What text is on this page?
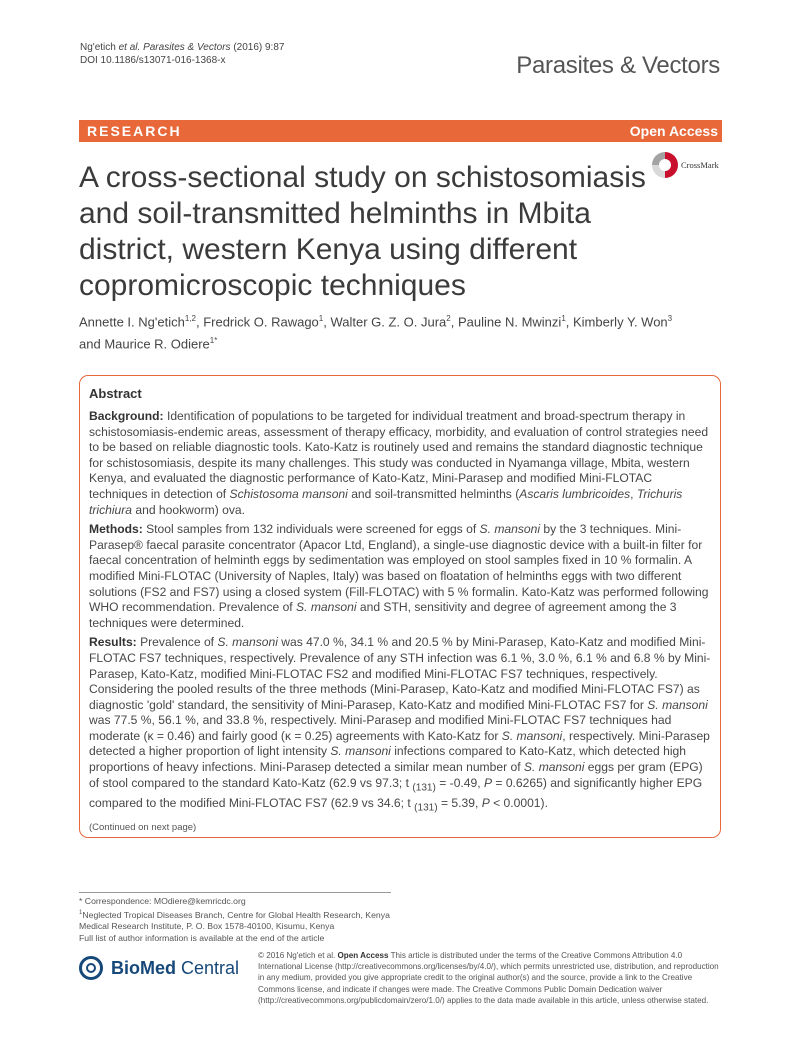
Ng'etich et al. Parasites & Vectors (2016) 9:87
DOI 10.1186/s13071-016-1368-x	Parasites & Vectors
RESEARCH	Open Access
CrossMark
A cross-sectional study on schistosomiasis and soil-transmitted helminths in Mbita district, western Kenya using different copromicroscopic techniques
Annette I. Ng'etich$^{1,2}$, Fredrick O. Rawago$^1$, Walter G. Z. O. Jura$^2$, Pauline N. Mwinzi$^1$, Kimberly Y. Won$^3$
and Maurice R. Odiere$^{1*}$
Abstract

Background: Identification of populations to be targeted for individual treatment and broad-spectrum therapy in schistosomiasis-endemic areas, assessment of therapy efficacy, morbidity, and evaluation of control strategies need to be based on reliable diagnostic tools. Kato-Katz is routinely used and remains the standard diagnostic technique for schistosomiasis, despite its many challenges. This study was conducted in Nyamanga village, Mbita, western Kenya, and evaluated the diagnostic performance of Kato-Katz, Mini-Parasep and modified Mini-FLOTAC techniques in detection of Schistosoma mansoni and soil-transmitted helminths (Ascaris lumbricoides, Trichuris trichiura and hookworm) ova.

Methods: Stool samples from 132 individuals were screened for eggs of S. mansoni by the 3 techniques. Mini-Parasep® faecal parasite concentrator (Apacor Ltd, England), a single-use diagnostic device with a built-in filter for faecal concentration of helminth eggs by sedimentation was employed on stool samples fixed in 10 % formalin. A modified Mini-FLOTAC (University of Naples, Italy) was based on floatation of helminths eggs with two different solutions (FS2 and FS7) using a closed system (Fill-FLOTAC) with 5 % formalin. Kato-Katz was performed following WHO recommendation. Prevalence of S. mansoni and STH, sensitivity and degree of agreement among the 3 techniques were determined.

Results: Prevalence of S. mansoni was 47.0 %, 34.1 % and 20.5 % by Mini-Parasep, Kato-Katz and modified Mini-FLOTAC FS7 techniques, respectively. Prevalence of any STH infection was 6.1 %, 3.0 %, 6.1 % and 6.8 % by Mini-Parasep, Kato-Katz, modified Mini-FLOTAC FS2 and modified Mini-FLOTAC FS7 techniques, respectively. Considering the pooled results of the three methods (Mini-Parasep, Kato-Katz and modified Mini-FLOTAC FS7) as diagnostic 'gold' standard, the sensitivity of Mini-Parasep, Kato-Katz and modified Mini-FLOTAC FS7 for S. mansoni was 77.5 %, 56.1 %, and 33.8 %, respectively. Mini-Parasep and modified Mini-FLOTAC FS7 techniques had moderate (κ = 0.46) and fairly good (κ = 0.25) agreements with Kato-Katz for S. mansoni, respectively. Mini-Parasep detected a higher proportion of light intensity S. mansoni infections compared to Kato-Katz, which detected high proportions of heavy infections. Mini-Parasep detected a similar mean number of S. mansoni eggs per gram (EPG) of stool compared to the standard Kato-Katz (62.9 vs 97.3; t $_{(131)}$ = -0.49, P = 0.6265) and significantly higher EPG compared to the modified Mini-FLOTAC FS7 (62.9 vs 34.6; t $_{(131)}$ = 5.39, P < 0.0001).

(Continued on next page)
* Correspondence: MOdiere@kemricdc.org
$^1$Neglected Tropical Diseases Branch, Centre for Global Health Research, Kenya Medical Research Institute, P. O. Box 1578-40100, Kisumu, Kenya
Full list of author information is available at the end of the article
BioMed Central
© 2016 Ng'etich et al. Open Access This article is distributed under the terms of the Creative Commons Attribution 4.0 International License (http://creativecommons.org/licenses/by/4.0/), which permits unrestricted use, distribution, and reproduction in any medium, provided you give appropriate credit to the original author(s) and the source, provide a link to the Creative Commons license, and indicate if changes were made. The Creative Commons Public Domain Dedication waiver (http://creativecommons.org/publicdomain/zero/1.0/) applies to the data made available in this article, unless otherwise stated.
